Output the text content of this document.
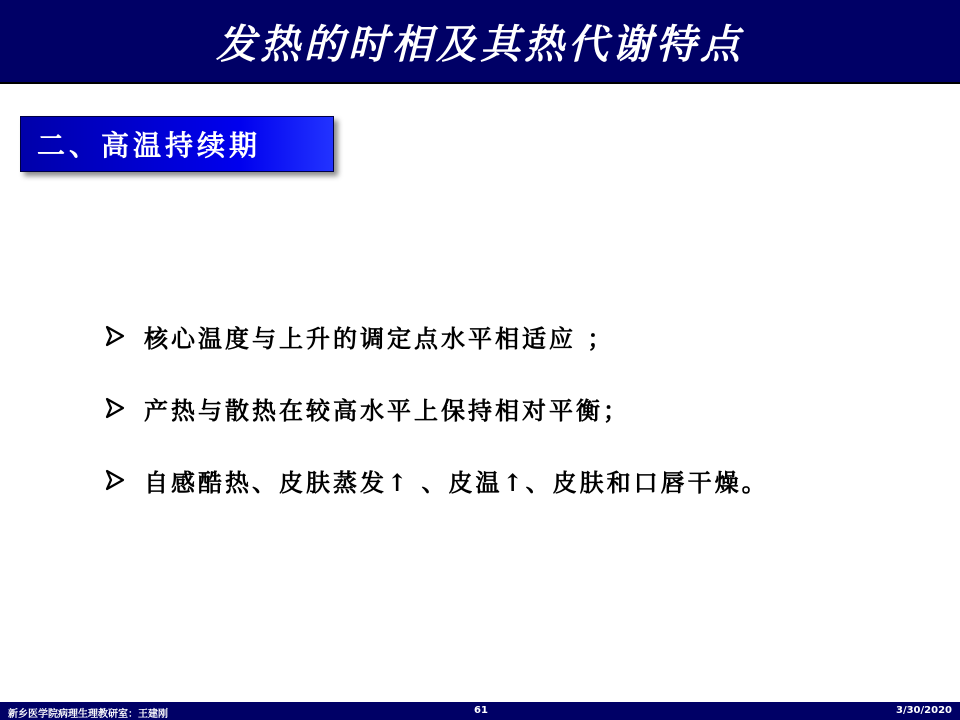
发热的时相及其热代谢特点
二、高温持续期
核心温度与上升的调定点水平相适应 ；
产热与散热在较高水平上保持相对平衡；
自感酷热、皮肤蒸发↑ 、皮温↑、皮肤和口唇干燥。
新乡医学院病理生理教研室：王建刚	61	3/30/2020
